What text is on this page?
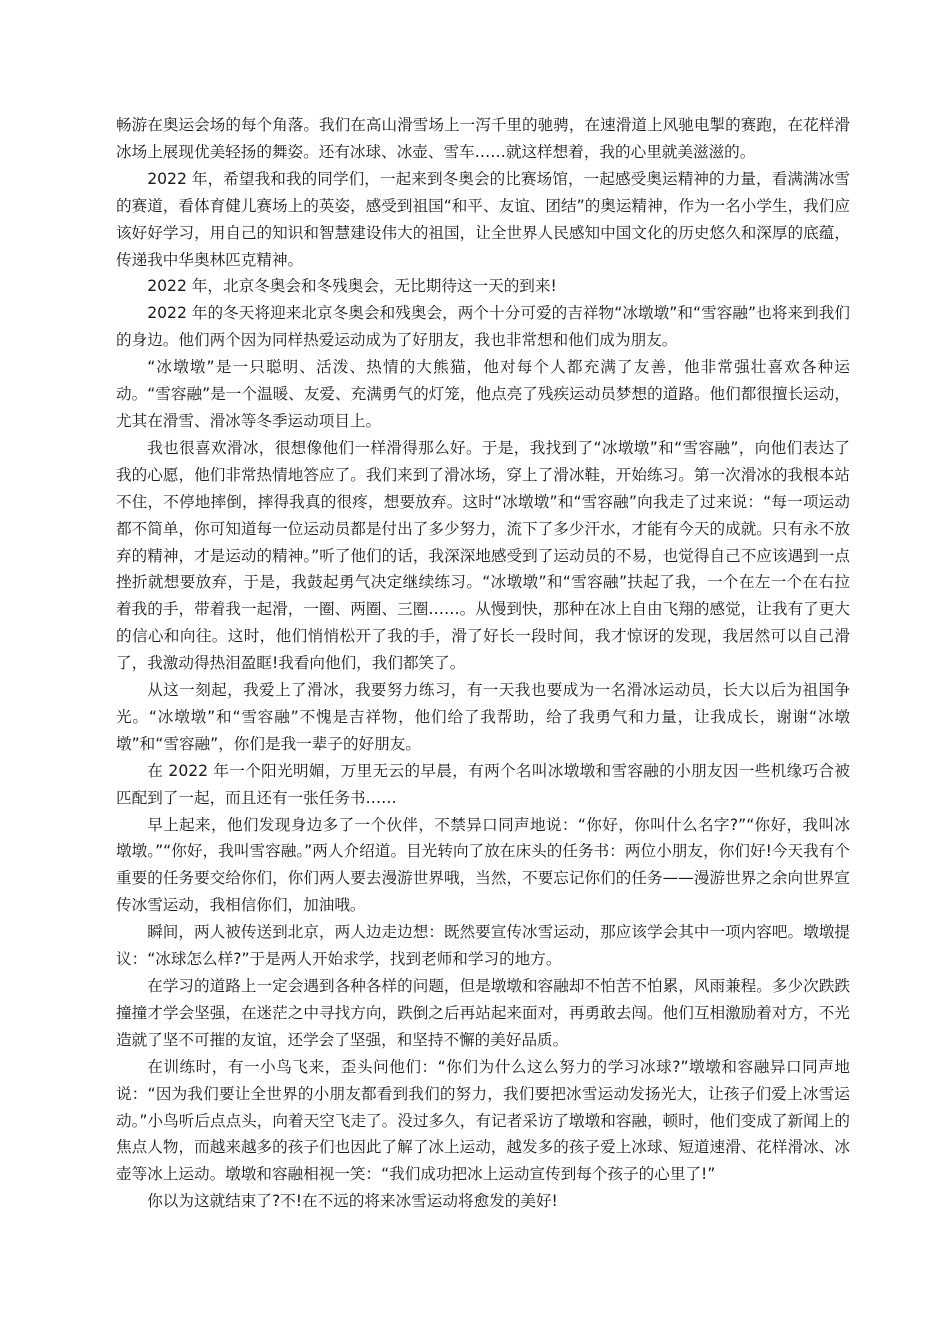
畅游在奥运会场的每个角落。我们在高山滑雪场上一泻千里的驰骋，在速滑道上风驰电掣的赛跑，在花样滑冰场上展现优美轻扬的舞姿。还有冰球、冰壶、雪车……就这样想着，我的心里就美滋滋的。

2022 年，希望我和我的同学们，一起来到冬奥会的比赛场馆，一起感受奥运精神的力量，看满满冰雪的赛道，看体育健儿赛场上的英姿，感受到祖国“和平、友谊、团结”的奥运精神，作为一名小学生，我们应该好好学习，用自己的知识和智慧建设伟大的祖国，让全世界人民感知中国文化的历史悠久和深厚的底蕴，传递我中华奥林匹克精神。

2022 年，北京冬奥会和冬残奥会，无比期待这一天的到来!

2022 年的冬天将迎来北京冬奥会和残奥会，两个十分可爱的吉祥物“冰墩墩”和“雪容融”也将来到我们的身边。他们两个因为同样热爱运动成为了好朋友，我也非常想和他们成为朋友。

“冰墩墩”是一只聪明、活泼、热情的大熊猫，他对每个人都充满了友善，他非常强壮喜欢各种运动。“雪容融”是一个温暖、友爱、充满勇气的灯笼，他点亮了残疾运动员梦想的道路。他们都很擅长运动，尤其在滑雪、滑冰等冬季运动项目上。

我也很喜欢滑冰，很想像他们一样滑得那么好。于是，我找到了“冰墩墩”和“雪容融”，向他们表达了我的心愿，他们非常热情地答应了。我们来到了滑冰场，穿上了滑冰鞋，开始练习。第一次滑冰的我根本站不住，不停地摔倒，摔得我真的很疼，想要放弃。这时“冰墩墩”和“雪容融”向我走了过来说：“每一项运动都不简单，你可知道每一位运动员都是付出了多少努力，流下了多少汗水，才能有今天的成就。只有永不放弃的精神，才是运动的精神。”听了他们的话，我深深地感受到了运动员的不易，也觉得自己不应该遇到一点挫折就想要放弃，于是，我鼓起勇气决定继续练习。“冰墩墩”和“雪容融”扶起了我，一个在左一个在右拉着我的手，带着我一起滑，一圈、两圈、三圈……。从慢到快，那种在冰上自由飞翔的感觉，让我有了更大的信心和向往。这时，他们悄悄松开了我的手，滑了好长一段时间，我才惊讶的发现，我居然可以自己滑了，我激动得热泪盈眶!我看向他们，我们都笑了。

从这一刻起，我爱上了滑冰，我要努力练习，有一天我也要成为一名滑冰运动员，长大以后为祖国争光。“冰墩墩”和“雪容融”不愧是吉祥物，他们给了我帮助，给了我勇气和力量，让我成长，谢谢“冰墩墩”和“雪容融”，你们是我一辈子的好朋友。

在 2022 年一个阳光明媚，万里无云的早晨，有两个名叫冰墩墩和雪容融的小朋友因一些机缘巧合被匹配到了一起，而且还有一张任务书……

早上起来，他们发现身边多了一个伙伴，不禁异口同声地说：“你好，你叫什么名字?”“你好，我叫冰墩墩。”“你好，我叫雪容融。”两人介绍道。目光转向了放在床头的任务书：两位小朋友，你们好!今天我有个重要的任务要交给你们，你们两人要去漫游世界哦，当然，不要忘记你们的任务——漫游世界之余向世界宣传冰雪运动，我相信你们，加油哦。

瞬间，两人被传送到北京，两人边走边想：既然要宣传冰雪运动，那应该学会其中一项内容吧。墩墩提议：“冰球怎么样?”于是两人开始求学，找到老师和学习的地方。

在学习的道路上一定会遇到各种各样的问题，但是墩墩和容融却不怕苦不怕累，风雨兼程。多少次跌跌撞撞才学会坚强，在迷茫之中寻找方向，跌倒之后再站起来面对，再勇敢去闯。他们互相激励着对方，不光造就了坚不可摧的友谊，还学会了坚强，和坚持不懈的美好品质。

在训练时，有一小鸟飞来，歪头问他们：“你们为什么这么努力的学习冰球?”墩墩和容融异口同声地说：“因为我们要让全世界的小朋友都看到我们的努力，我们要把冰雪运动发扬光大，让孩子们爱上冰雪运动。”小鸟听后点点头，向着天空飞走了。没过多久，有记者采访了墩墩和容融，顿时，他们变成了新闻上的焦点人物，而越来越多的孩子们也因此了解了冰上运动，越发多的孩子爱上冰球、短道速滑、花样滑冰、冰壶等冰上运动。墩墩和容融相视一笑：“我们成功把冰上运动宣传到每个孩子的心里了!”

你以为这就结束了?不!在不远的将来冰雪运动将愈发的美好!
